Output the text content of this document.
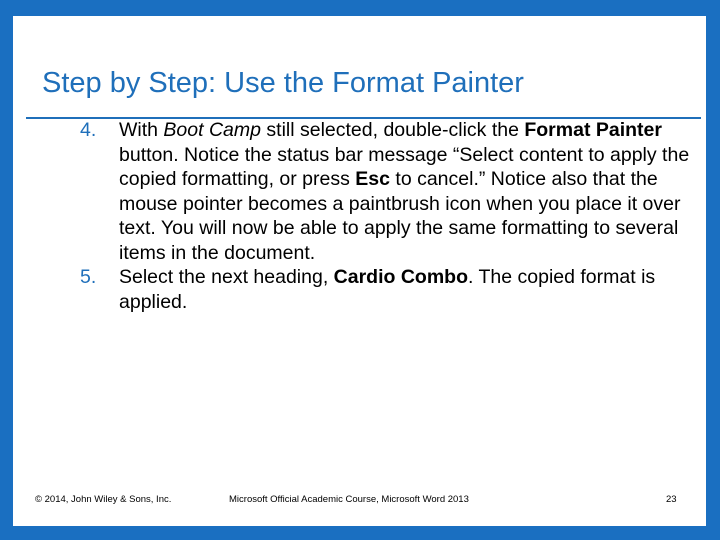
Step by Step: Use the Format Painter
4. With Boot Camp still selected, double-click the Format Painter button. Notice the status bar message “Select content to apply the copied formatting, or press Esc to cancel.” Notice also that the mouse pointer becomes a paintbrush icon when you place it over text. You will now be able to apply the same formatting to several items in the document.
5. Select the next heading, Cardio Combo. The copied format is applied.
© 2014, John Wiley & Sons, Inc.	Microsoft Official Academic Course, Microsoft Word 2013	23
